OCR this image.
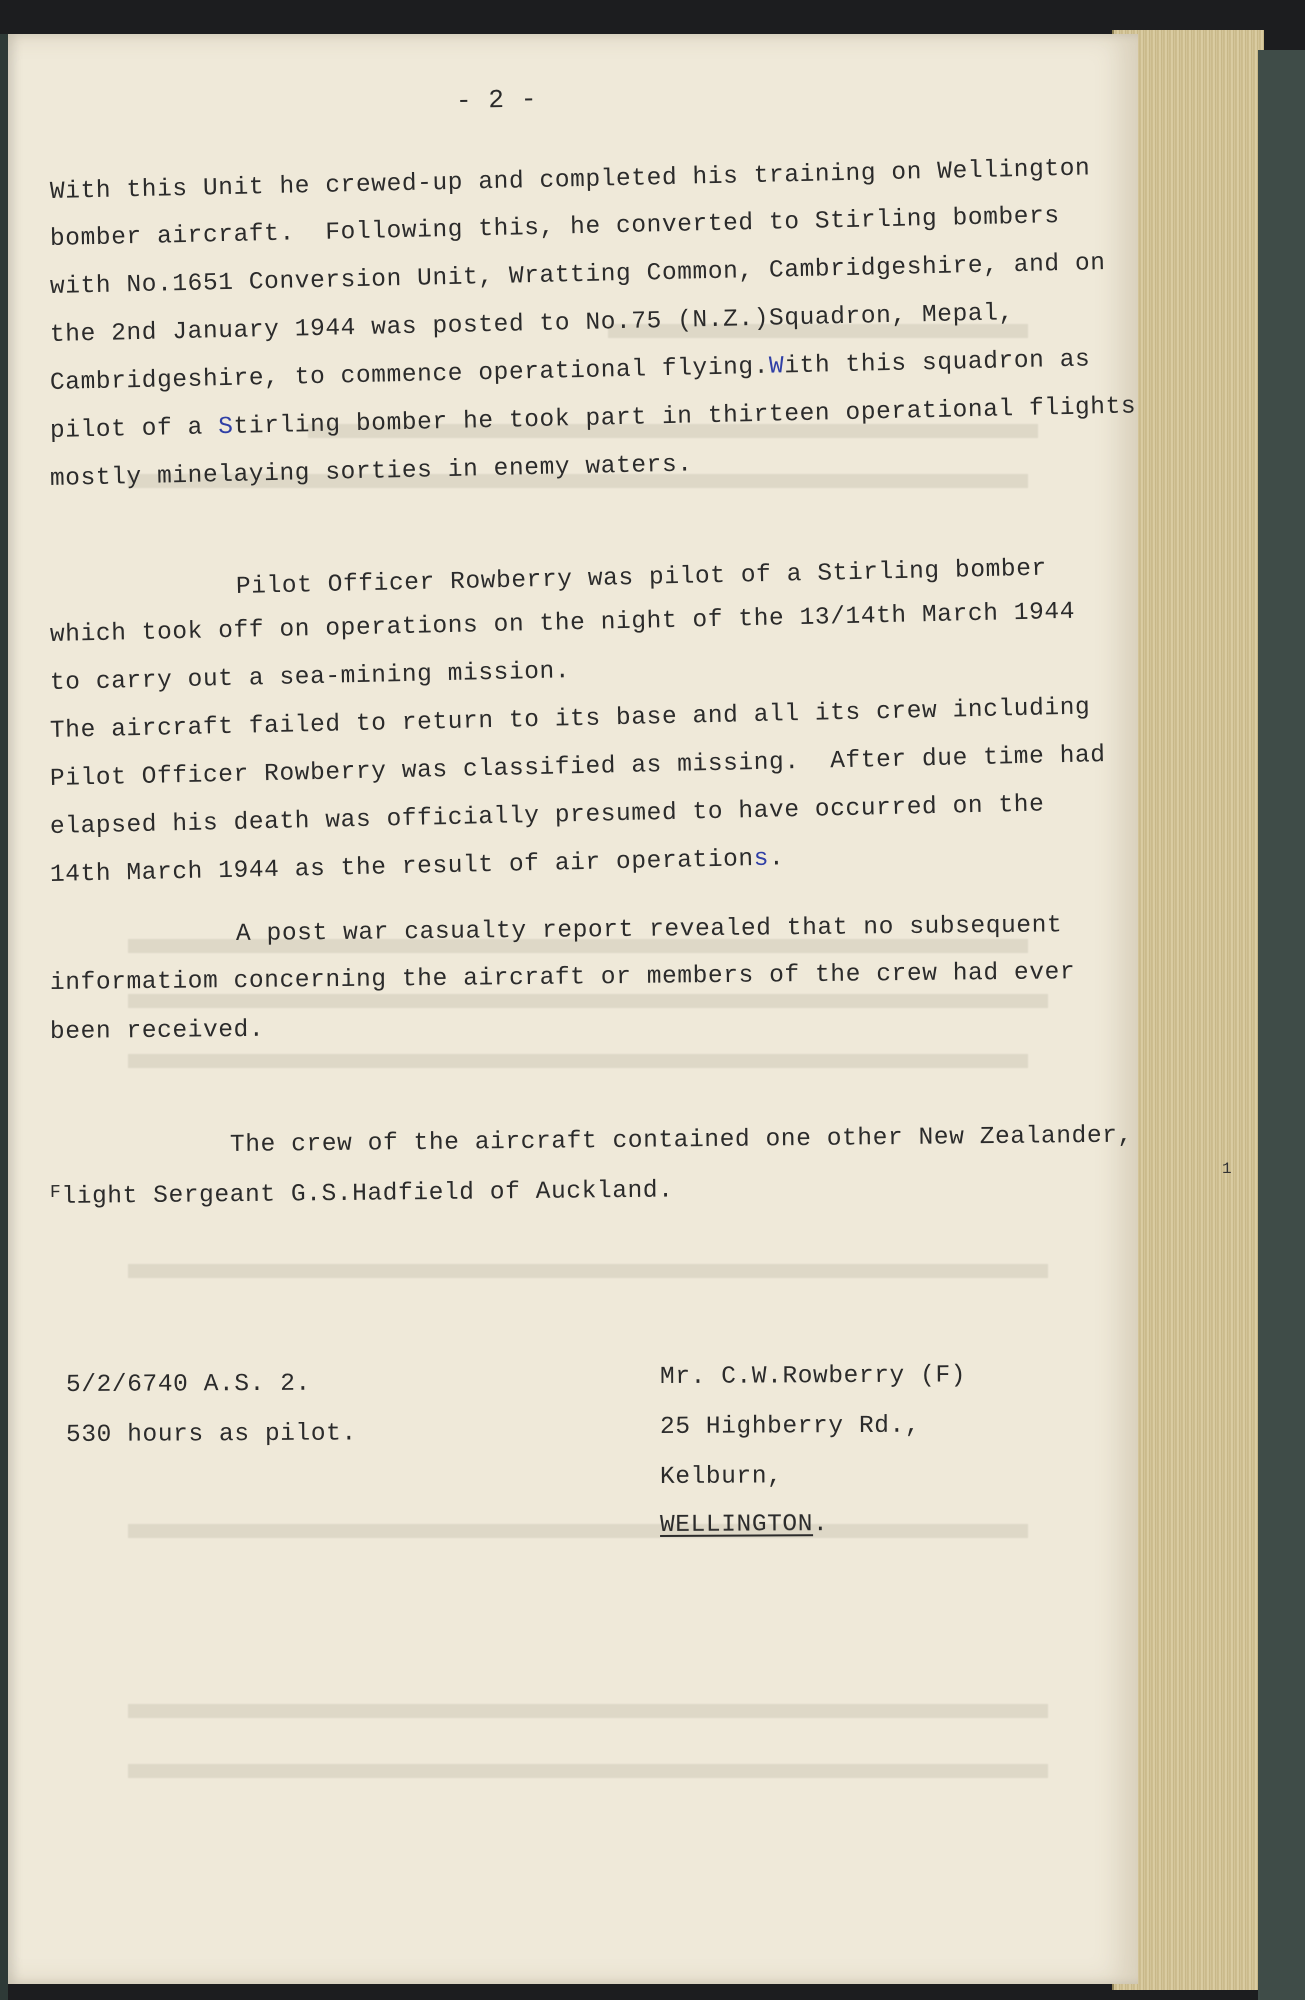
- 2 -
With this Unit he crewed-up and completed his training on Wellington
bomber aircraft.  Following this, he converted to Stirling bombers
with No.1651 Conversion Unit, Wratting Common, Cambridgeshire, and on
the 2nd January 1944 was posted to No.75 (N.Z.)Squadron, Mepal,
Cambridgeshire, to commence operational flying.With this squadron as
pilot of a Stirling bomber he took part in thirteen operational flights
mostly minelaying sorties in enemy waters.
Pilot Officer Rowberry was pilot of a Stirling bomber
which took off on operations on the night of the 13/14th March 1944
to carry out a sea-mining mission.
The aircraft failed to return to its base and all its crew including
Pilot Officer Rowberry was classified as missing.  After due time had
elapsed his death was officially presumed to have occurred on the
14th March 1944 as the result of air operations.
A post war casualty report revealed that no subsequent
informatiom concerning the aircraft or members of the crew had ever
been received.
The crew of the aircraft contained one other New Zealander,
$^F$light Sergeant G.S.Hadfield of Auckland.
5/2/6740 A.S. 2.
530 hours as pilot.
Mr. C.W.Rowberry (F)
25 Highberry Rd.,
Kelburn,
WELLINGTON.
1
